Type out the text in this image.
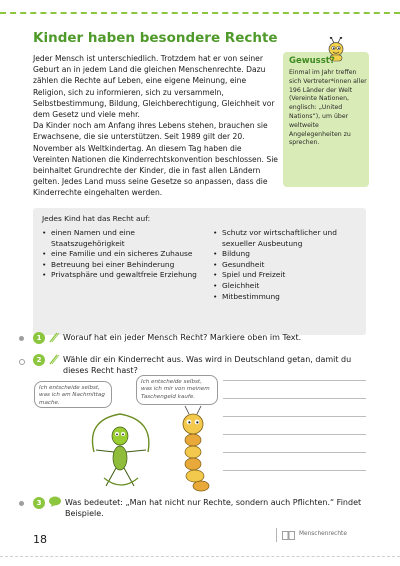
Kinder haben besondere Rechte

Jeder Mensch ist unterschiedlich. Trotzdem hat er von seiner Geburt an in jedem Land die gleichen Menschenrechte. Dazu zählen die Rechte auf Leben, eine eigene Meinung, eine Religion, sich zu informieren, sich zu versammeln, Selbstbestimmung, Bildung, Gleichberechtigung, Gleichheit vor dem Gesetz und viele mehr.

Da Kinder noch am Anfang ihres Lebens stehen, brauchen sie Erwachsene, die sie unterstützen. Seit 1989 gilt der 20. November als Weltkindertag. An diesem Tag haben die Vereinten Nationen die Kinderrechtskonvention beschlossen. Sie beinhaltet Grundrechte der Kinder, die in fast allen Ländern gelten. Jedes Land muss seine Gesetze so anpassen, dass die Kinderrechte eingehalten werden.

Gewusst?
Einmal im Jahr treffen sich Vertreter*innen aller 196 Länder der Welt (Vereinte Nationen, englisch: „United Nations“), um über weltweite Angelegenheiten zu sprechen.
Jedes Kind hat das Recht auf:
• einen Namen und eine Staatszugehörigkeit
• eine Familie und ein sicheres Zuhause
• Betreuung bei einer Behinderung
• Privatsphäre und gewaltfreie Erziehung
• Schutz vor wirtschaftlicher und sexueller Ausbeutung
• Bildung
• Gesundheit
• Spiel und Freizeit
• Gleichheit
• Mitbestimmung
1	Worauf hat ein jeder Mensch Recht? Markiere oben im Text.
2	Wähle dir ein Kinderrecht aus. Was wird in Deutschland getan, damit du dieses Recht hast?
Ich entscheide selbst, was ich am Nachmittag mache.
Ich entscheide selbst, was ich mir von meinem Taschengeld kaufe.
3	Was bedeutet: „Man hat nicht nur Rechte, sondern auch Pflichten.“ Findet Beispiele.
18	Menschenrechte
